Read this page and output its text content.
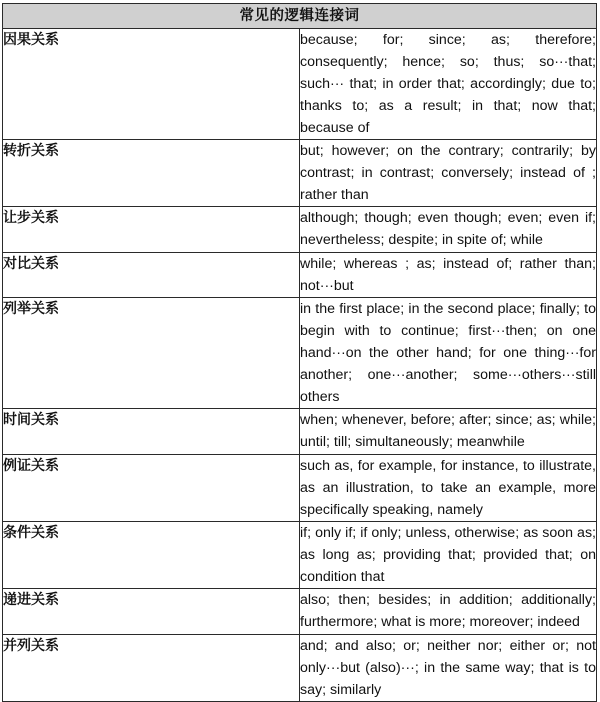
常见的逻辑连接词	
因果关系	because; for; since; as; therefore; consequently; hence; so; thus; so···that; such··· that; in order that; accordingly; due to; thanks to; as a result; in that; now that; because of
转折关系	but; however; on the contrary; contrarily; by contrast; in contrast; conversely; instead of ; rather than
让步关系	although; though; even though; even; even if; nevertheless; despite; in spite of; while
对比关系	while; whereas ; as; instead of; rather than; not···but
列举关系	in the first place; in the second place; finally; to begin with to continue; first···then; on one hand···on the other hand; for one thing···for another; one···another; some···others···still others
时间关系	when; whenever, before; after; since; as; while; until; till; simultaneously; meanwhile
例证关系	such as, for example, for instance, to illustrate, as an illustration, to take an example, more specifically speaking, namely
条件关系	if; only if; if only; unless, otherwise; as soon as; as long as; providing that; provided that; on condition that
递进关系	also; then; besides; in addition; additionally; furthermore; what is more; moreover; indeed
并列关系	and; and also; or; neither nor; either or; not only···but (also)···; in the same way; that is to say; similarly
